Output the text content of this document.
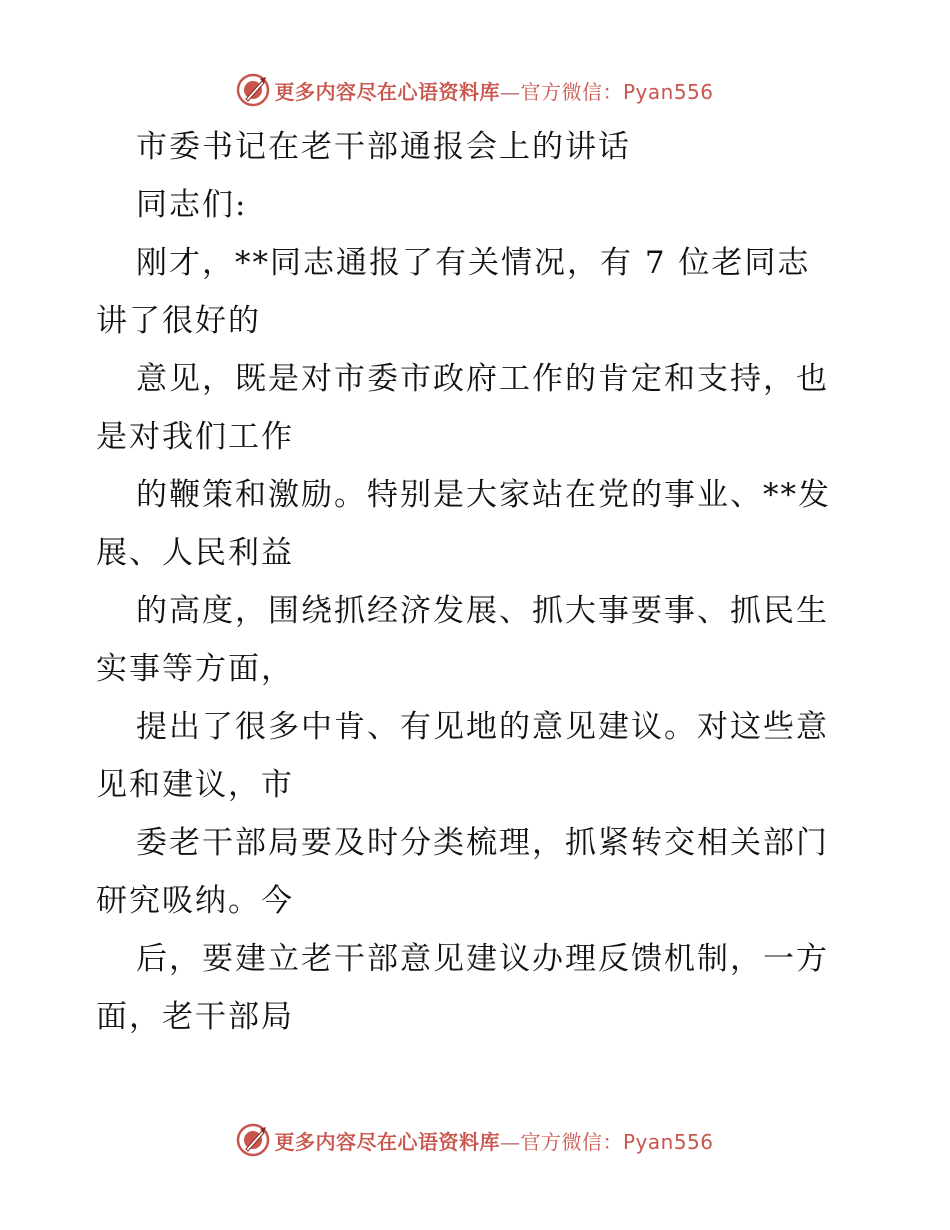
更多内容尽在心语资料库—官方微信：Pyan556
市委书记在老干部通报会上的讲话
同志们:
刚才，**同志通报了有关情况，有 7 位老同志
讲了很好的
意见，既是对市委市政府工作的肯定和支持，也
是对我们工作
的鞭策和激励。特别是大家站在党的事业、**发
展、人民利益
的高度，围绕抓经济发展、抓大事要事、抓民生
实事等方面，
提出了很多中肯、有见地的意见建议。对这些意
见和建议，市
委老干部局要及时分类梳理，抓紧转交相关部门
研究吸纳。今
后，要建立老干部意见建议办理反馈机制，一方
面，老干部局
更多内容尽在心语资料库—官方微信：Pyan556
